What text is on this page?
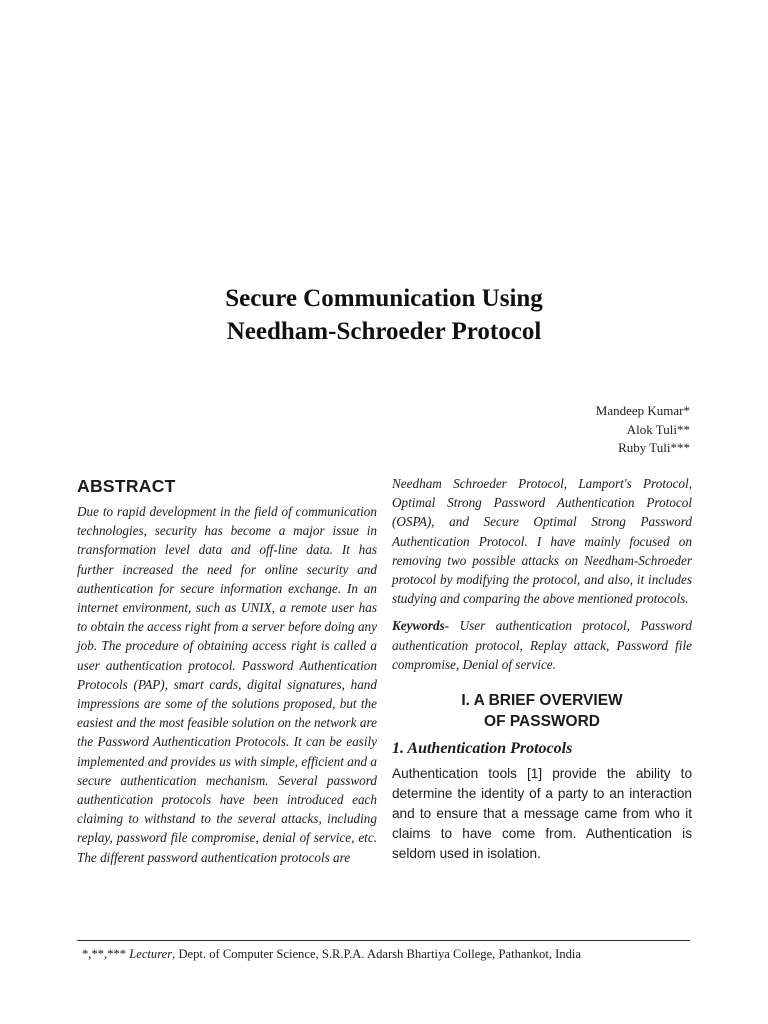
Secure Communication Using
Needham-Schroeder Protocol
Mandeep Kumar*
Alok Tuli**
Ruby Tuli***
ABSTRACT

Due to rapid development in the field of communication technologies, security has become a major issue in transformation level data and off-line data. It has further increased the need for online security and authentication for secure information exchange. In an internet environment, such as UNIX, a remote user has to obtain the access right from a server before doing any job. The procedure of obtaining access right is called a user authentication protocol. Password Authentication Protocols (PAP), smart cards, digital signatures, hand impressions are some of the solutions proposed, but the easiest and the most feasible solution on the network are the Password Authentication Protocols. It can be easily implemented and provides us with simple, efficient and a secure authentication mechanism. Several password authentication protocols have been introduced each claiming to withstand to the several attacks, including replay, password file compromise, denial of service, etc. The different password authentication protocols are

Needham Schroeder Protocol, Lamport's Protocol, Optimal Strong Password Authentication Protocol (OSPA), and Secure Optimal Strong Password Authentication Protocol. I have mainly focused on removing two possible attacks on Needham-Schroeder protocol by modifying the protocol, and also, it includes studying and comparing the above mentioned protocols.

Keywords- User authentication protocol, Password authentication protocol, Replay attack, Password file compromise, Denial of service.

I. A BRIEF OVERVIEW
OF PASSWORD
1. Authentication Protocols

Authentication tools [1] provide the ability to determine the identity of a party to an interaction and to ensure that a message came from who it claims to have come from. Authentication is seldom used in isolation.

*,**,*** Lecturer, Dept. of Computer Science, S.R.P.A. Adarsh Bhartiya College, Pathankot, India
